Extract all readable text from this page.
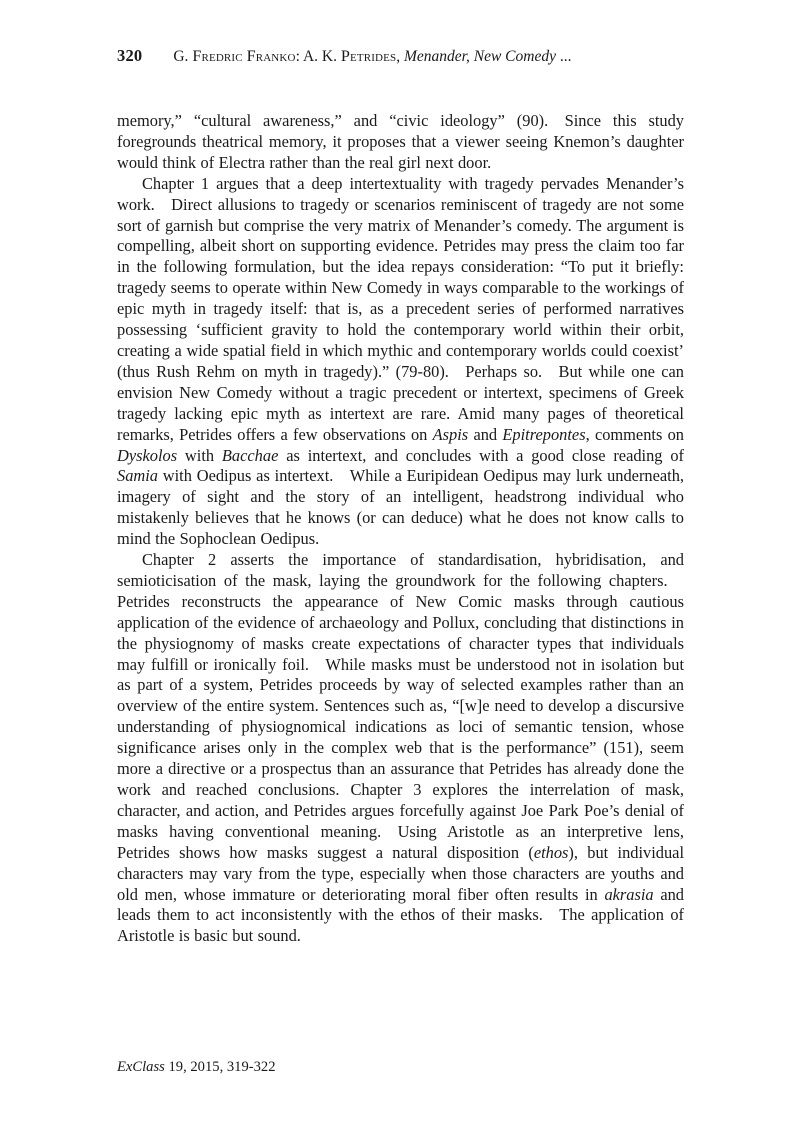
320 G. Fredric Franko: A. K. Petrides, Menander, New Comedy ...

memory,” “cultural awareness,” and “civic ideology” (90). Since this study foregrounds theatrical memory, it proposes that a viewer seeing Knemon’s daughter would think of Electra rather than the real girl next door.

Chapter 1 argues that a deep intertextuality with tragedy pervades Menander’s work. Direct allusions to tragedy or scenarios reminiscent of tragedy are not some sort of garnish but comprise the very matrix of Menander’s comedy. The argument is compelling, albeit short on supporting evidence. Petrides may press the claim too far in the following formulation, but the idea repays consideration: “To put it briefly: tragedy seems to operate within New Comedy in ways comparable to the workings of epic myth in tragedy itself: that is, as a precedent series of performed narratives possessing ‘sufficient gravity to hold the contemporary world within their orbit, creating a wide spatial field in which mythic and contemporary worlds could coexist’ (thus Rush Rehm on myth in tragedy).” (79-80). Perhaps so. But while one can envision New Comedy without a tragic precedent or intertext, specimens of Greek tragedy lacking epic myth as intertext are rare. Amid many pages of theoretical remarks, Petrides offers a few observations on Aspis and Epitrepontes, comments on Dyskolos with Bacchae as intertext, and concludes with a good close reading of Samia with Oedipus as intertext. While a Euripidean Oedipus may lurk underneath, imagery of sight and the story of an intelligent, headstrong individual who mistakenly believes that he knows (or can deduce) what he does not know calls to mind the Sophoclean Oedipus.

Chapter 2 asserts the importance of standardisation, hybridisation, and semioticisation of the mask, laying the groundwork for the following chapters. Petrides reconstructs the appearance of New Comic masks through cautious application of the evidence of archaeology and Pollux, concluding that distinctions in the physiognomy of masks create expectations of character types that individuals may fulfill or ironically foil. While masks must be understood not in isolation but as part of a system, Petrides proceeds by way of selected examples rather than an overview of the entire system. Sentences such as, “[w]e need to develop a discursive understanding of physiognomical indications as loci of semantic tension, whose significance arises only in the complex web that is the performance” (151), seem more a directive or a prospectus than an assurance that Petrides has already done the work and reached conclusions. Chapter 3 explores the interrelation of mask, character, and action, and Petrides argues forcefully against Joe Park Poe’s denial of masks having conventional meaning. Using Aristotle as an interpretive lens, Petrides shows how masks suggest a natural disposition (ethos), but individual characters may vary from the type, especially when those characters are youths and old men, whose immature or deteriorating moral fiber often results in akrasia and leads them to act inconsistently with the ethos of their masks. The application of Aristotle is basic but sound.

ExClass 19, 2015, 319-322
